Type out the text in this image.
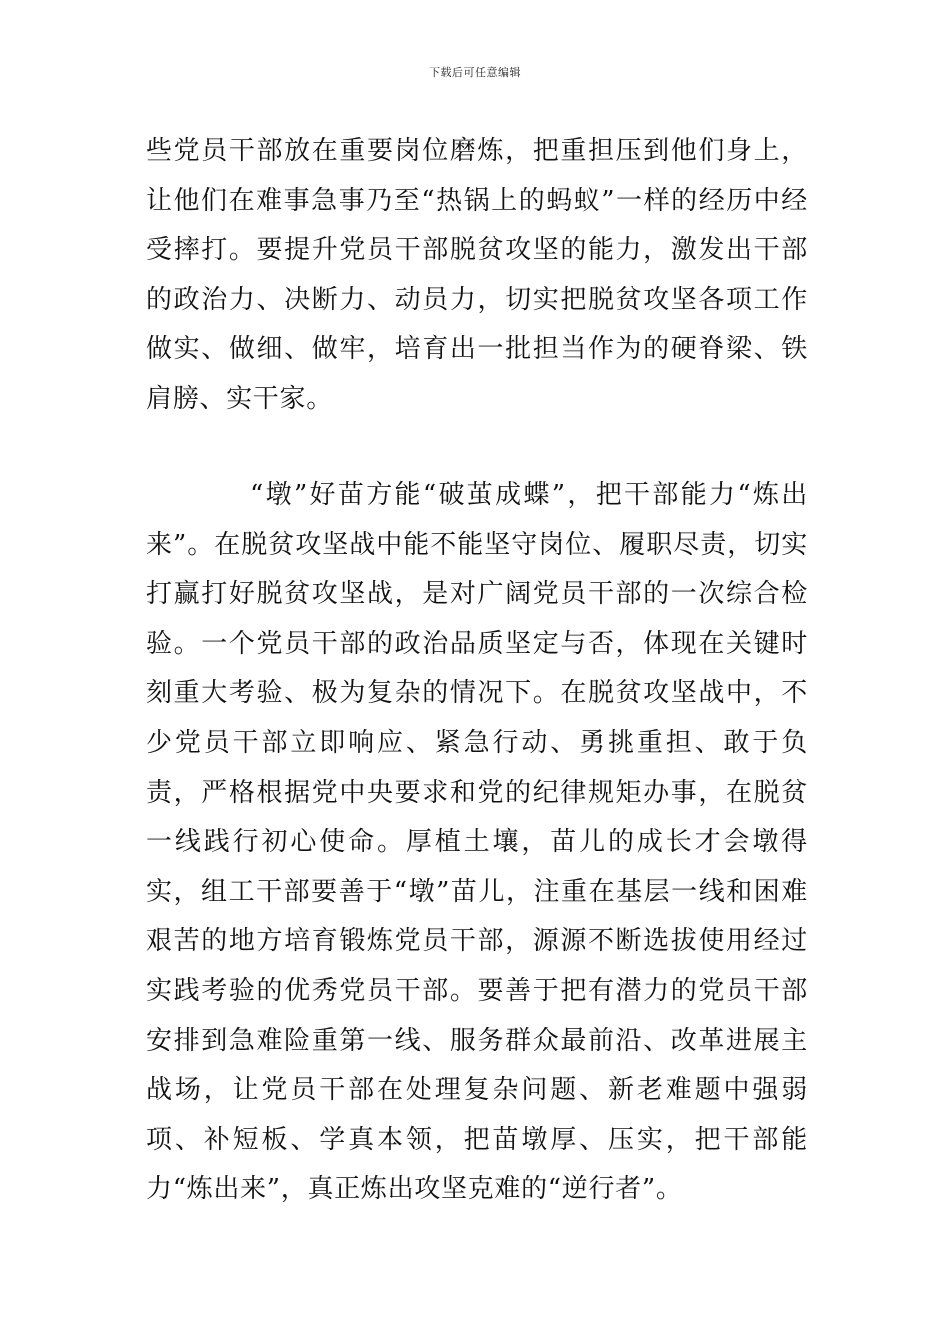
下载后可任意编辑

些党员干部放在重要岗位磨炼，把重担压到他们身上，让他们在难事急事乃至“热锅上的蚂蚁”一样的经历中经受摔打。要提升党员干部脱贫攻坚的能力，激发出干部的政治力、决断力、动员力，切实把脱贫攻坚各项工作做实、做细、做牢，培育出一批担当作为的硬脊梁、铁肩膀、实干家。

“墩”好苗方能“破茧成蝶”，把干部能力“炼出来”。在脱贫攻坚战中能不能坚守岗位、履职尽责，切实打赢打好脱贫攻坚战，是对广阔党员干部的一次综合检验。一个党员干部的政治品质坚定与否，体现在关键时刻重大考验、极为复杂的情况下。在脱贫攻坚战中，不少党员干部立即响应、紧急行动、勇挑重担、敢于负责，严格根据党中央要求和党的纪律规矩办事，在脱贫一线践行初心使命。厚植土壤，苗儿的成长才会墩得实，组工干部要善于“墩”苗儿，注重在基层一线和困难艰苦的地方培育锻炼党员干部，源源不断选拔使用经过实践考验的优秀党员干部。要善于把有潜力的党员干部安排到急难险重第一线、服务群众最前沿、改革进展主战场，让党员干部在处理复杂问题、新老难题中强弱项、补短板、学真本领，把苗墩厚、压实，把干部能力“炼出来”，真正炼出攻坚克难的“逆行者”。
